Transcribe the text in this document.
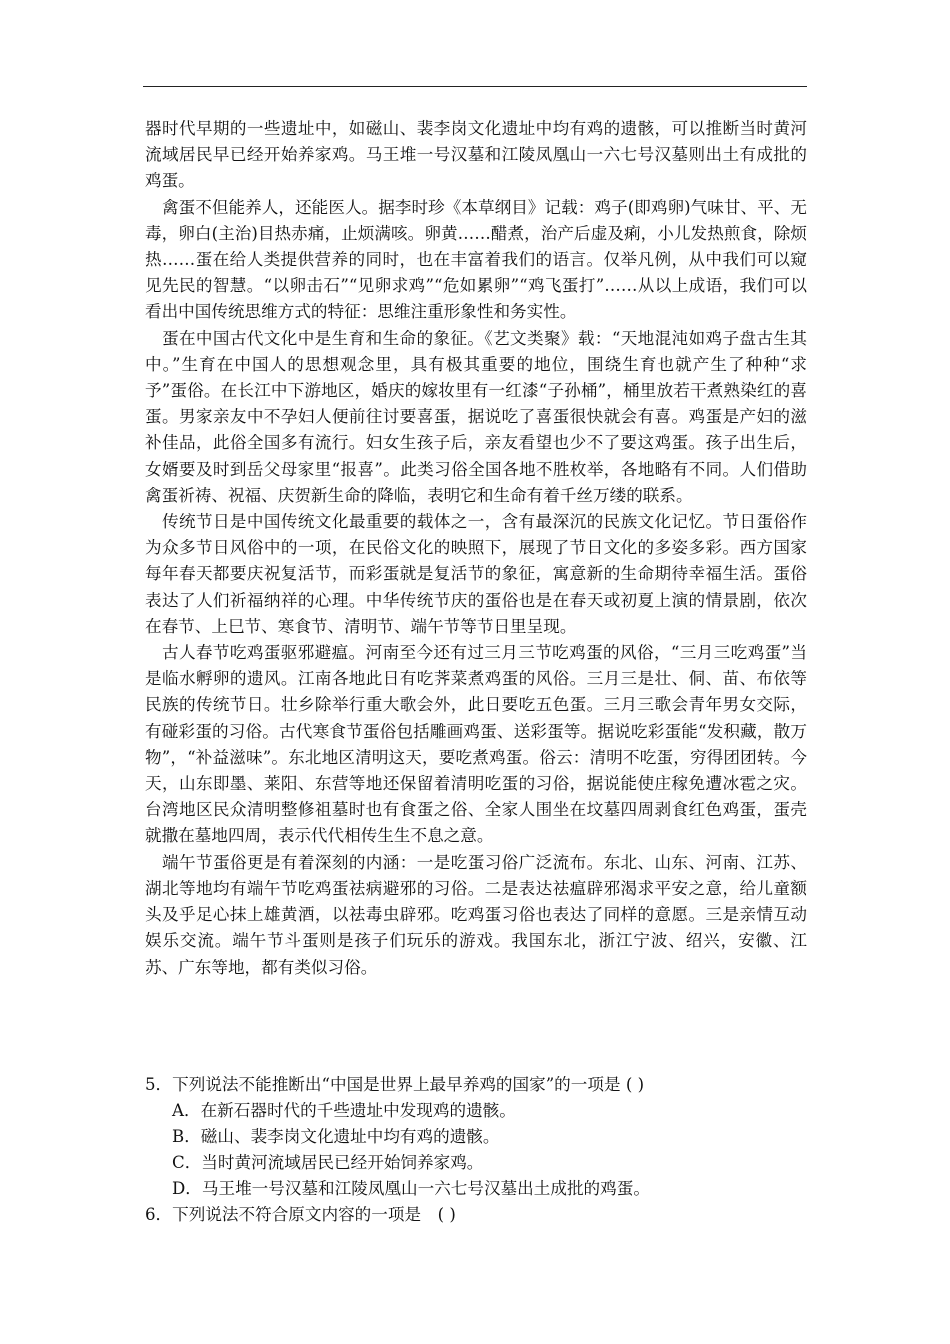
器时代早期的一些遗址中，如磁山、裴李岗文化遗址中均有鸡的遗骸，可以推断当时黄河流域居民早已经开始养家鸡。马王堆一号汉墓和江陵凤凰山一六七号汉墓则出土有成批的鸡蛋。

禽蛋不但能养人，还能医人。据李时珍《本草纲目》记载：鸡子(即鸡卵)气味甘、平、无毒，卵白(主治)目热赤痛，止烦满咳。卵黄……醋煮，治产后虚及痢，小儿发热煎食，除烦热……蛋在给人类提供营养的同时，也在丰富着我们的语言。仅举凡例，从中我们可以窥见先民的智慧。“以卵击石”“见卵求鸡”“危如累卵”“鸡飞蛋打”……从以上成语，我们可以看出中国传统思维方式的特征：思维注重形象性和务实性。

蛋在中国古代文化中是生育和生命的象征。《艺文类聚》载：“天地混沌如鸡子盘古生其中。”生育在中国人的思想观念里，具有极其重要的地位，围绕生育也就产生了种种“求予”蛋俗。在长江中下游地区，婚庆的嫁妆里有一红漆“子孙桶”，桶里放若干煮熟染红的喜蛋。男家亲友中不孕妇人便前往讨要喜蛋，据说吃了喜蛋很快就会有喜。鸡蛋是产妇的滋补佳品，此俗全国多有流行。妇女生孩子后，亲友看望也少不了要这鸡蛋。孩子出生后，女婿要及时到岳父母家里“报喜”。此类习俗全国各地不胜枚举，各地略有不同。人们借助禽蛋祈祷、祝福、庆贺新生命的降临，表明它和生命有着千丝万缕的联系。

传统节日是中国传统文化最重要的载体之一，含有最深沉的民族文化记忆。节日蛋俗作为众多节日风俗中的一项，在民俗文化的映照下，展现了节日文化的多姿多彩。西方国家每年春天都要庆祝复活节，而彩蛋就是复活节的象征，寓意新的生命期待幸福生活。蛋俗表达了人们祈福纳祥的心理。中华传统节庆的蛋俗也是在春天或初夏上演的情景剧，依次在春节、上巳节、寒食节、清明节、端午节等节日里呈现。

古人春节吃鸡蛋驱邪避瘟。河南至今还有过三月三节吃鸡蛋的风俗，“三月三吃鸡蛋”当是临水孵卵的遗风。江南各地此日有吃荠菜煮鸡蛋的风俗。三月三是壮、侗、苗、布依等民族的传统节日。壮乡除举行重大歌会外，此日要吃五色蛋。三月三歌会青年男女交际，有碰彩蛋的习俗。古代寒食节蛋俗包括雕画鸡蛋、送彩蛋等。据说吃彩蛋能“发积藏，散万物”，“补益滋味”。东北地区清明这天，要吃煮鸡蛋。俗云：清明不吃蛋，穷得团团转。今天，山东即墨、莱阳、东营等地还保留着清明吃蛋的习俗，据说能使庄稼免遭冰雹之灾。台湾地区民众清明整修祖墓时也有食蛋之俗、全家人围坐在坟墓四周剥食红色鸡蛋，蛋壳就撒在墓地四周，表示代代相传生生不息之意。

端午节蛋俗更是有着深刻的内涵：一是吃蛋习俗广泛流布。东北、山东、河南、江苏、湖北等地均有端午节吃鸡蛋祛病避邪的习俗。二是表达祛瘟辟邪渴求平安之意，给儿童额头及乎足心抹上雄黄酒，以祛毒虫辟邪。吃鸡蛋习俗也表达了同样的意愿。三是亲情互动娱乐交流。端午节斗蛋则是孩子们玩乐的游戏。我国东北，浙江宁波、绍兴，安徽、江苏、广东等地，都有类似习俗。

5．下列说法不能推断出“中国是世界上最早养鸡的国家”的一项是 ( )

A．在新石器时代的千些遗址中发现鸡的遗骸。

B．磁山、裴李岗文化遗址中均有鸡的遗骸。

C．当时黄河流域居民已经开始饲养家鸡。

D．马王堆一号汉墓和江陵凤凰山一六七号汉墓出土成批的鸡蛋。

6．下列说法不符合原文内容的一项是　( )
